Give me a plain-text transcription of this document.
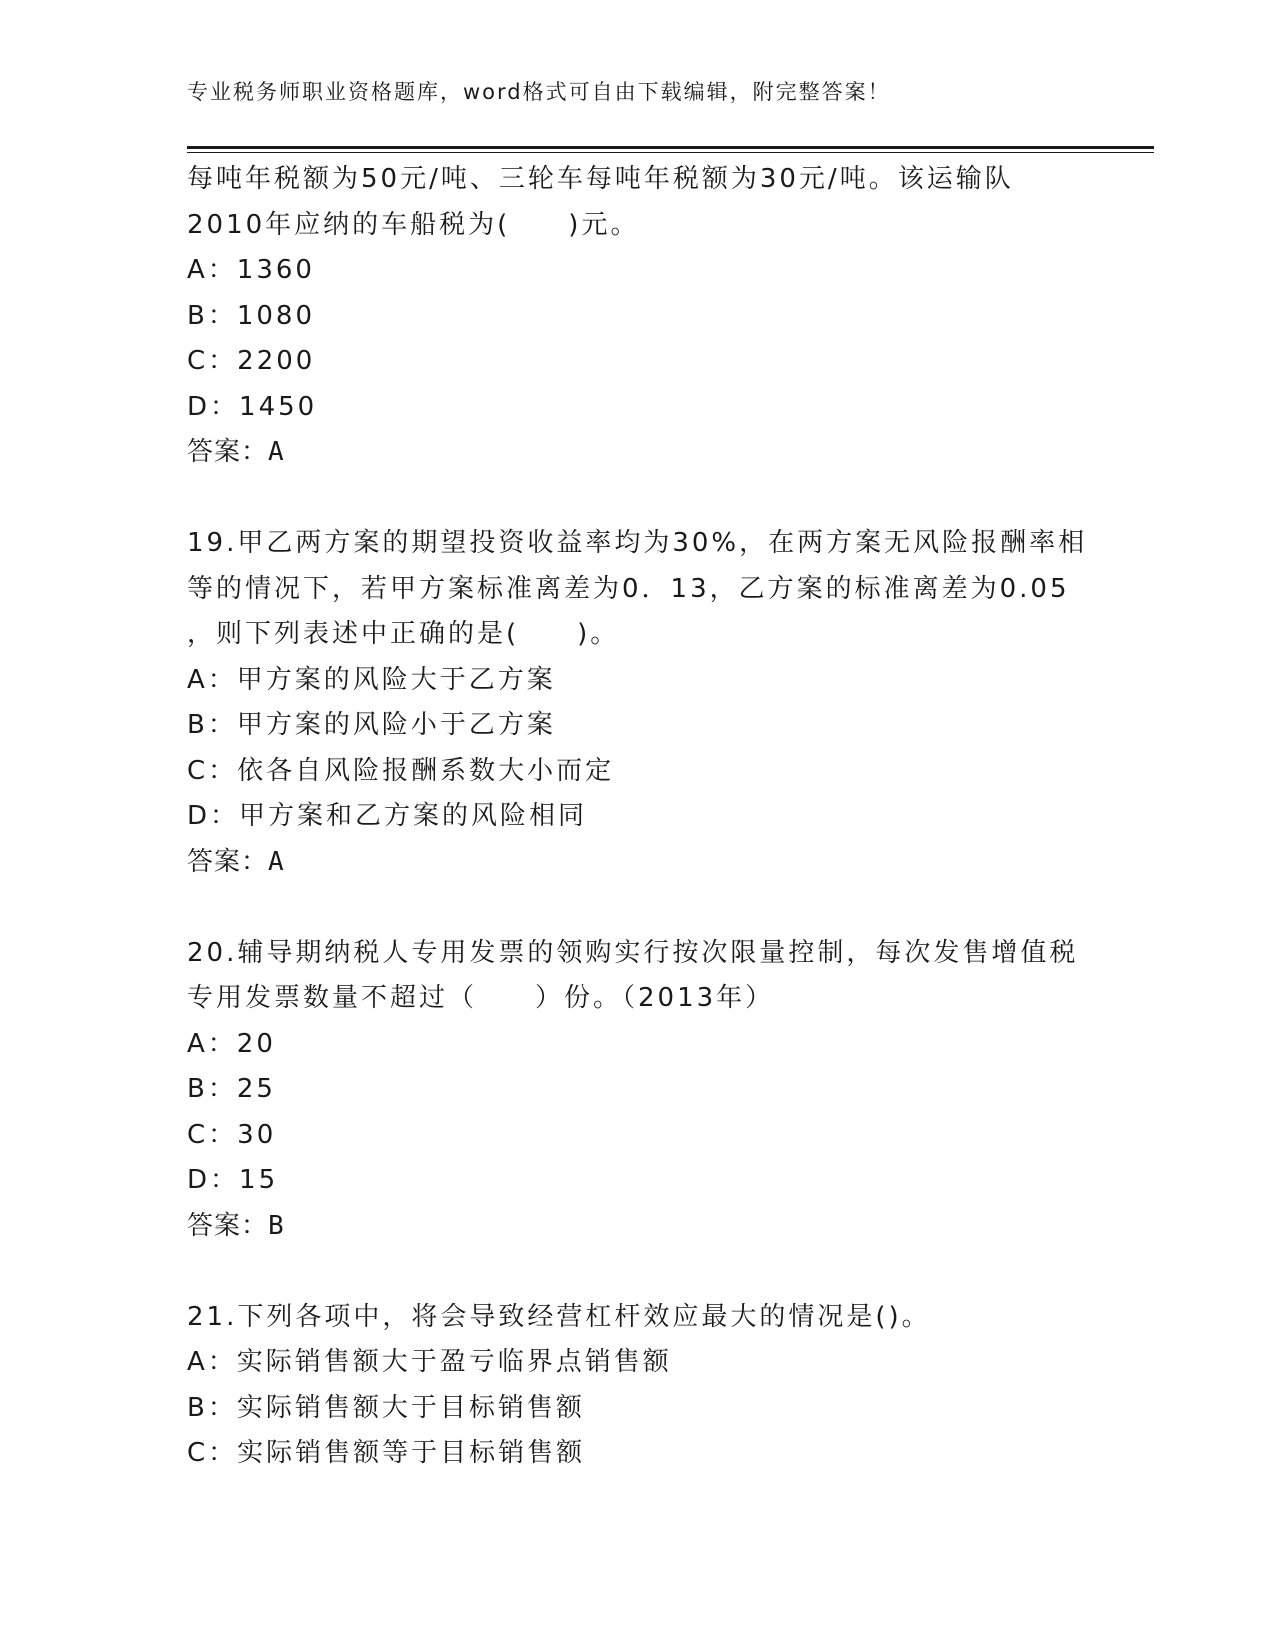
专业税务师职业资格题库，word格式可自由下载编辑，附完整答案！
每吨年税额为50元/吨、三轮车每吨年税额为30元/吨。该运输队
2010年应纳的车船税为(　　)元。
A：1360
B：1080
C：2200
D：1450
答案：A
19.甲乙两方案的期望投资收益率均为30%，在两方案无风险报酬率相
等的情况下，若甲方案标准离差为0．13，乙方案的标准离差为0.05
，则下列表述中正确的是(　　)。
A：甲方案的风险大于乙方案
B：甲方案的风险小于乙方案
C：依各自风险报酬系数大小而定
D：甲方案和乙方案的风险相同
答案：A
20.辅导期纳税人专用发票的领购实行按次限量控制，每次发售增值税
专用发票数量不超过（　　）份。（2013年）
A：20
B：25
C：30
D：15
答案：B
21.下列各项中，将会导致经营杠杆效应最大的情况是()。
A：实际销售额大于盈亏临界点销售额
B：实际销售额大于目标销售额
C：实际销售额等于目标销售额
